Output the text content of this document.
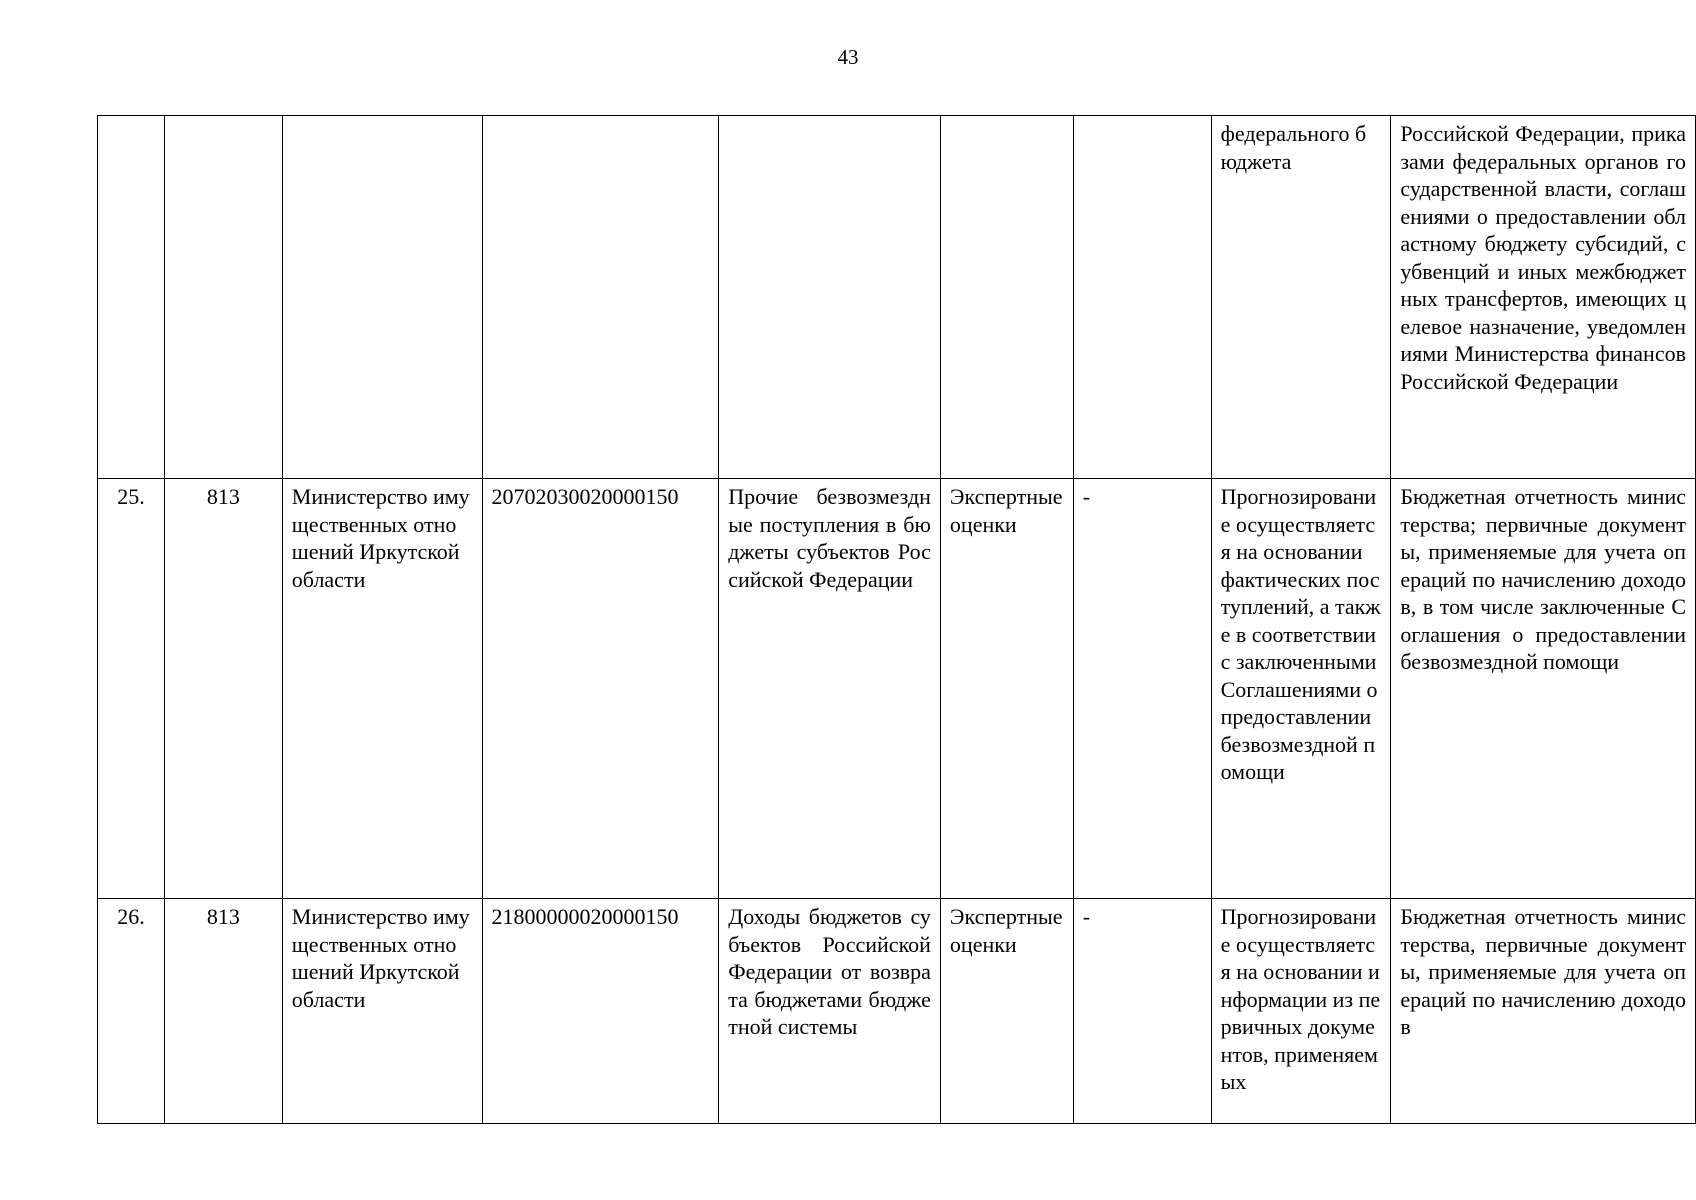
43
							федерального бюджета	Российской Федерации, приказами федеральных органов государственной власти, соглашениями о предоставлении областному бюджету субсидий, субвенций и иных межбюджетных трансфертов, имеющих целевое назначение, уведомлениями Министерства финансов Российской Федерации
25.	813	Министерство имущественных отношений Иркутской области	20702030020000150	Прочие безвозмездные поступления в бюджеты субъектов Российской Федерации	Экспертные оценки	-	Прогнозирование осуществляется на основании фактических поступлений, а также в соответствии с заключенными Соглашениями о предоставлении безвозмездной помощи	Бюджетная отчетность министерства; первичные документы, применяемые для учета операций по начислению доходов, в том числе заключенные Соглашения о предоставлении безвозмездной помощи
26.	813	Министерство имущественных отношений Иркутской области	21800000020000150	Доходы бюджетов субъектов Российской Федерации от возврата бюджетами бюджетной системы	Экспертные оценки	-	Прогнозирование осуществляется на основании информации из первичных документов, применяемых	Бюджетная отчетность министерства, первичные документы, применяемые для учета операций по начислению доходов
